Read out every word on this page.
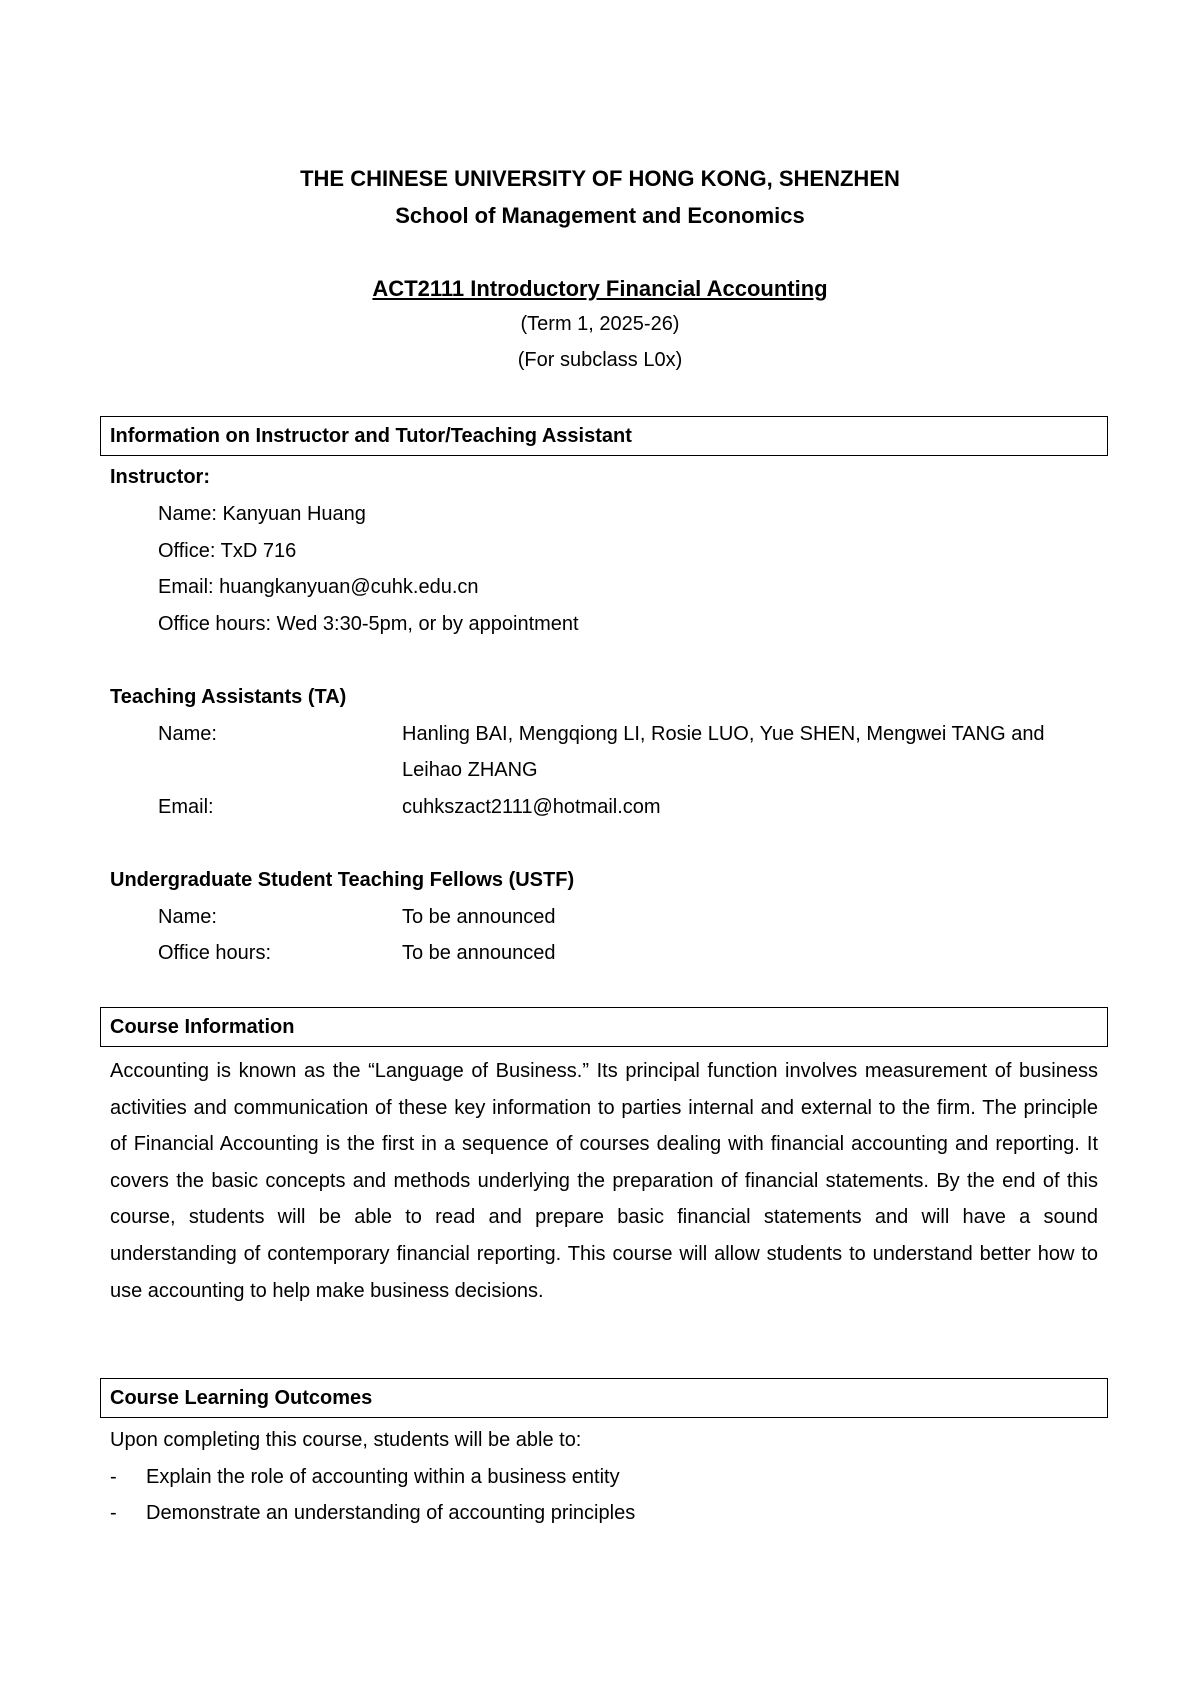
THE CHINESE UNIVERSITY OF HONG KONG, SHENZHEN
School of Management and Economics
ACT2111 Introductory Financial Accounting
(Term 1, 2025-26)
(For subclass L0x)
Information on Instructor and Tutor/Teaching Assistant
Instructor:
Name: Kanyuan Huang
Office: TxD 716
Email: huangkanyuan@cuhk.edu.cn
Office hours: Wed 3:30-5pm, or by appointment
Teaching Assistants (TA)
Name:	Hanling BAI, Mengqiong LI, Rosie LUO, Yue SHEN, Mengwei TANG and
Leihao ZHANG
Email:	cuhkszact2111@hotmail.com
Undergraduate Student Teaching Fellows (USTF)
Name:	To be announced
Office hours:	To be announced
Course Information
Accounting is known as the “Language of Business.” Its principal function involves measurement of business activities and communication of these key information to parties internal and external to the firm. The principle of Financial Accounting is the first in a sequence of courses dealing with financial accounting and reporting. It covers the basic concepts and methods underlying the preparation of financial statements. By the end of this course, students will be able to read and prepare basic financial statements and will have a sound understanding of contemporary financial reporting. This course will allow students to understand better how to use accounting to help make business decisions.
Course Learning Outcomes
Upon completing this course, students will be able to:
- Explain the role of accounting within a business entity
- Demonstrate an understanding of accounting principles
